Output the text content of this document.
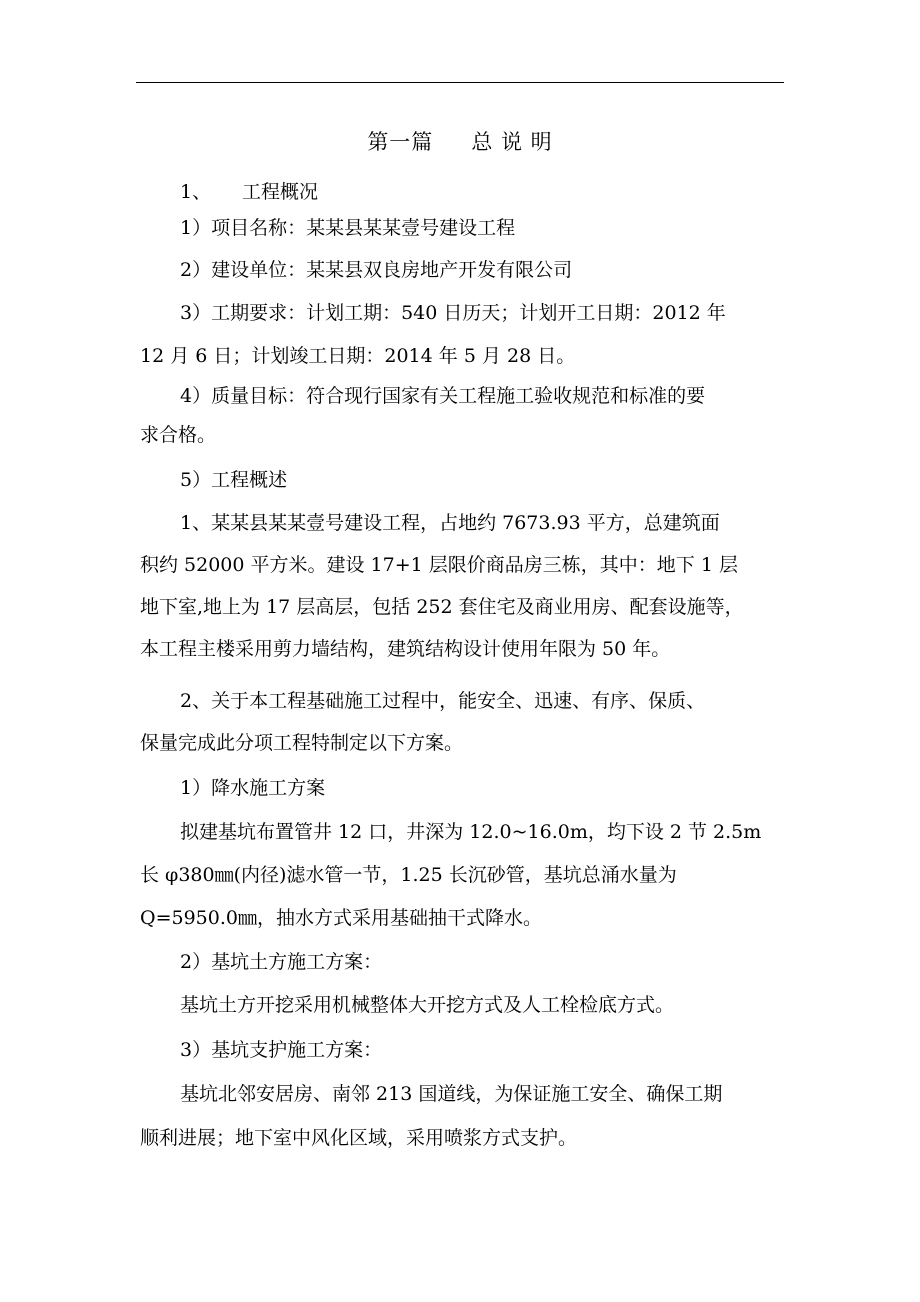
第一篇 总 说 明
1、 工程概况
1）项目名称：某某县某某壹号建设工程
2）建设单位：某某县双良房地产开发有限公司
3）工期要求：计划工期：540 日历天；计划开工日期：2012 年
12 月 6 日；计划竣工日期：2014 年 5 月 28 日。
4）质量目标：符合现行国家有关工程施工验收规范和标准的要
求合格。
5）工程概述
1、某某县某某壹号建设工程，占地约 7673.93 平方，总建筑面
积约 52000 平方米。建设 17+1 层限价商品房三栋，其中：地下 1 层
地下室,地上为 17 层高层，包括 252 套住宅及商业用房、配套设施等，
本工程主楼采用剪力墙结构，建筑结构设计使用年限为 50 年。
2、关于本工程基础施工过程中，能安全、迅速、有序、保质、
保量完成此分项工程特制定以下方案。
1）降水施工方案
拟建基坑布置管井 12 口，井深为 12.0~16.0m，均下设 2 节 2.5m
长 φ380㎜(内径)滤水管一节，1.25 长沉砂管，基坑总涌水量为
Q=5950.0㎜，抽水方式采用基础抽干式降水。
2）基坑土方施工方案：
基坑土方开挖采用机械整体大开挖方式及人工栓检底方式。
3）基坑支护施工方案：
基坑北邻安居房、南邻 213 国道线，为保证施工安全、确保工期
顺利进展；地下室中风化区域，采用喷浆方式支护。
